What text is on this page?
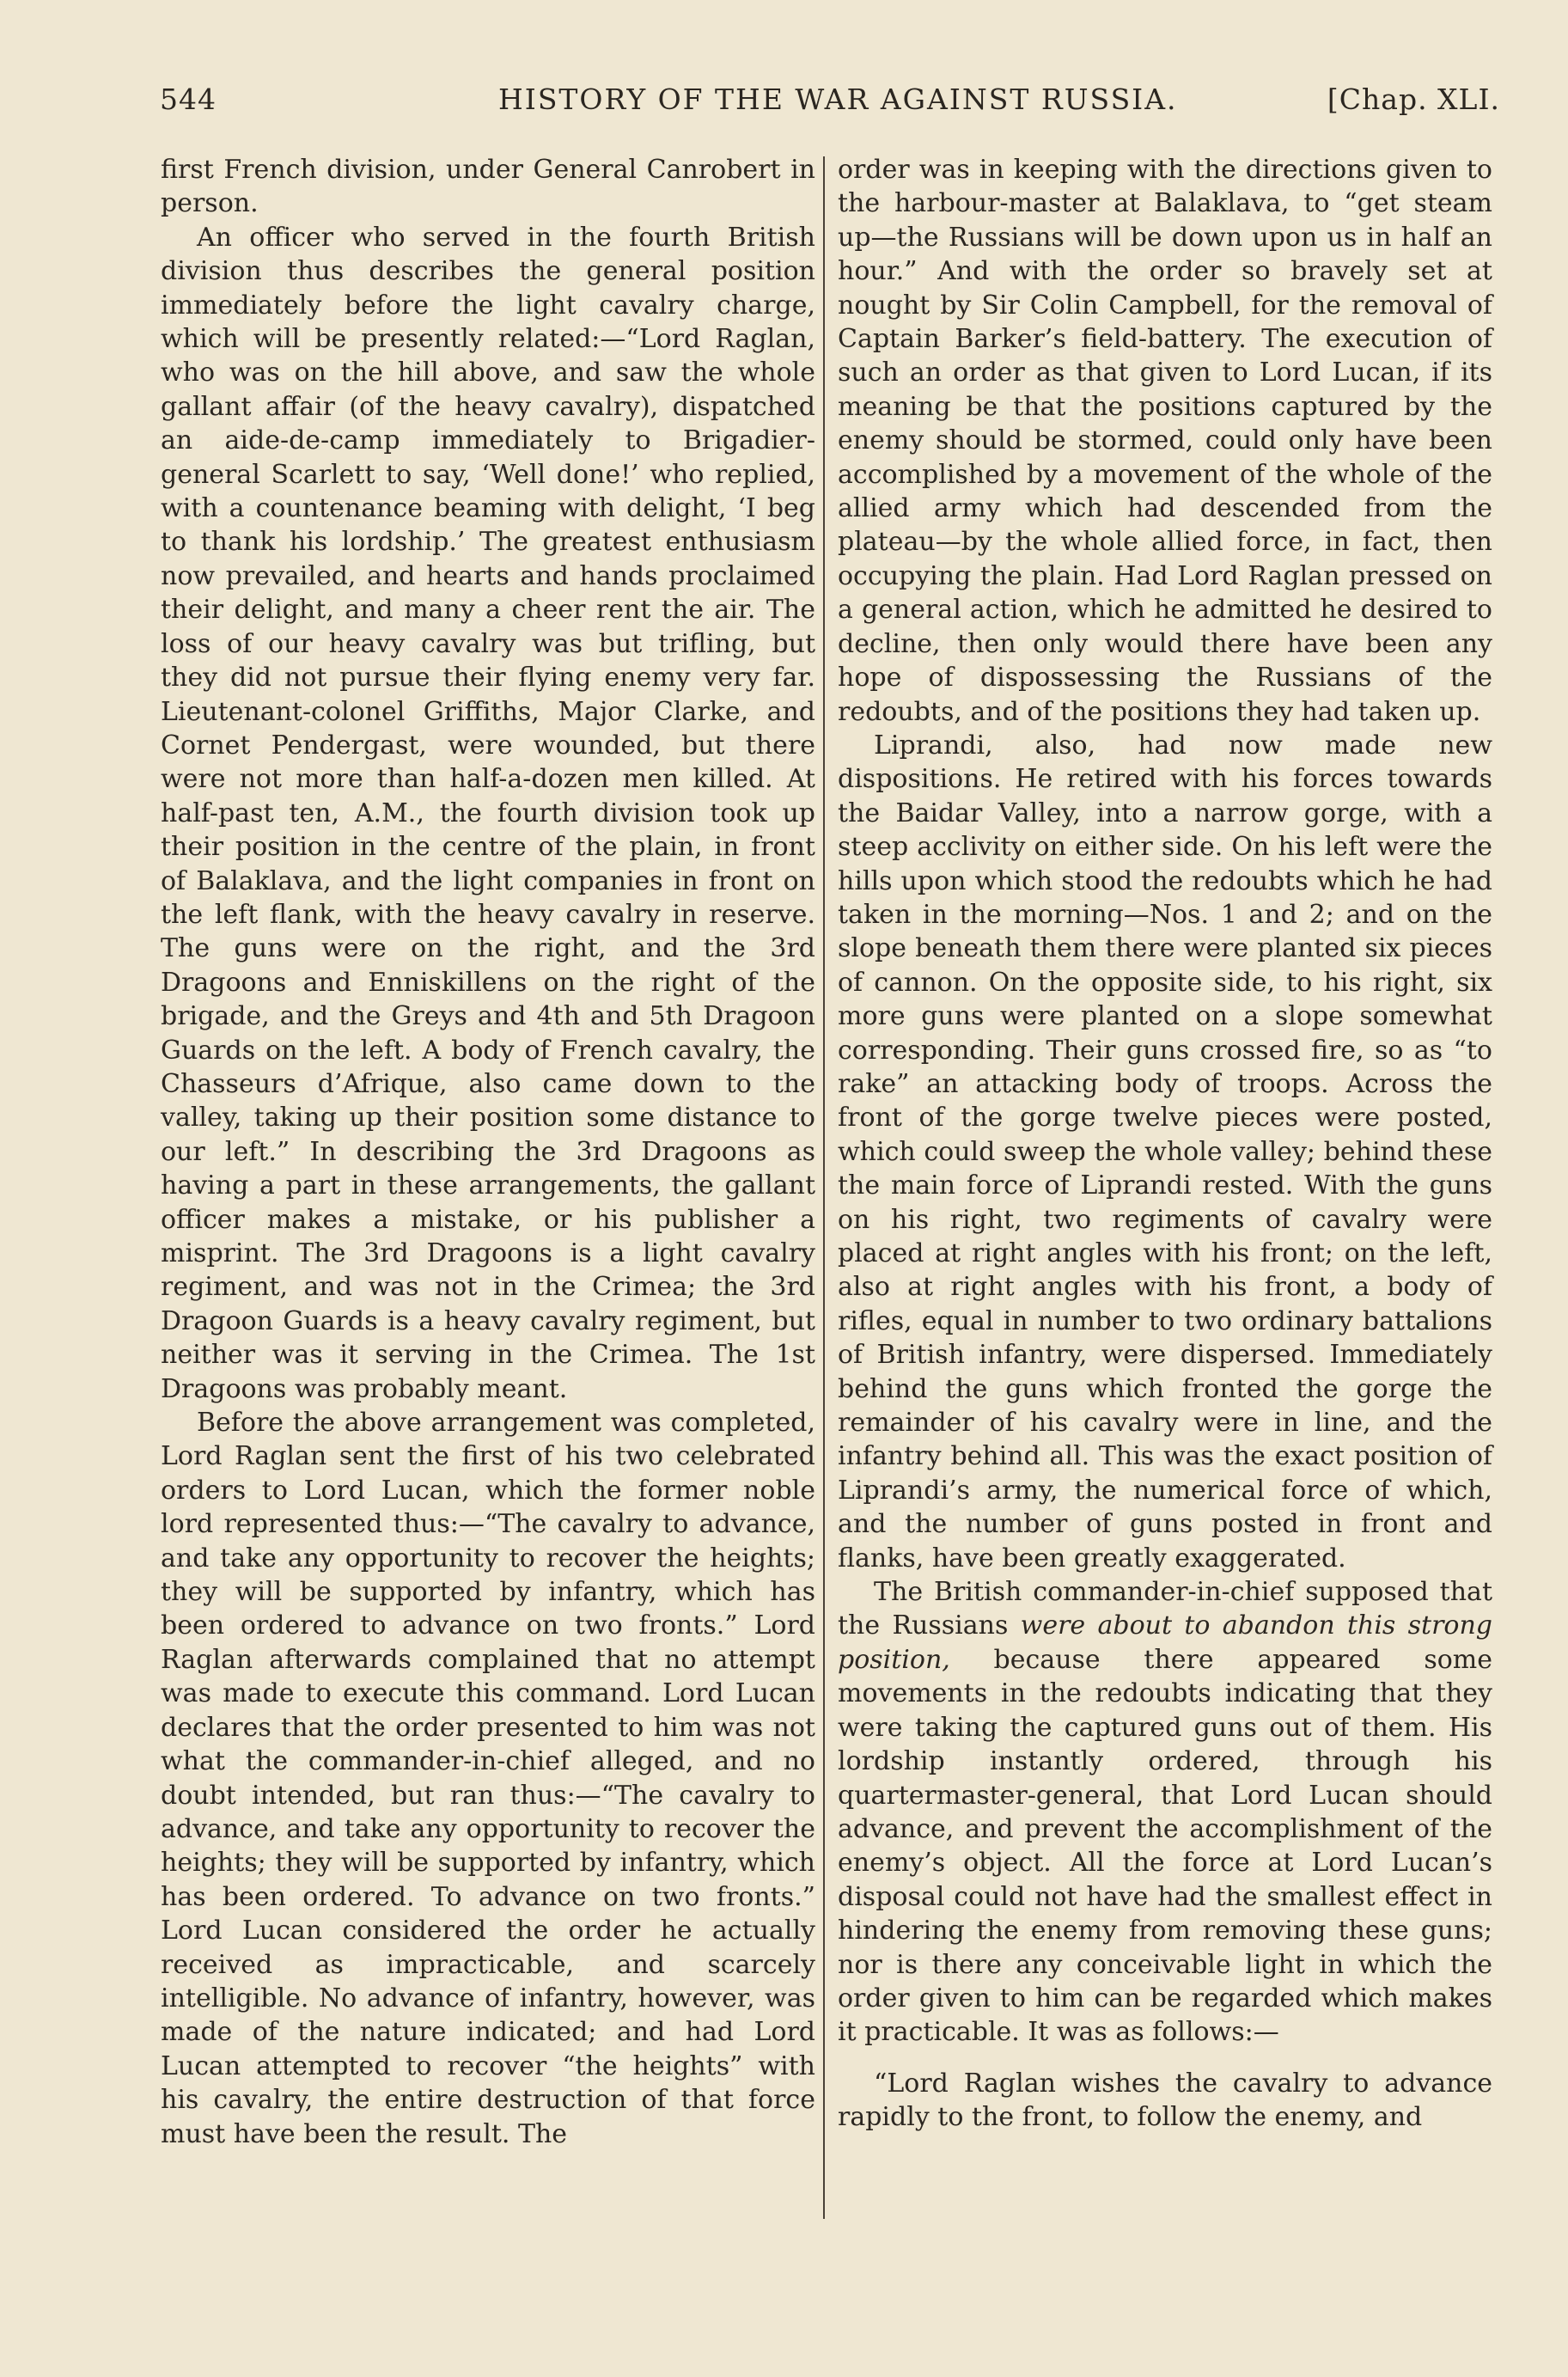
544	HISTORY OF THE WAR AGAINST RUSSIA.	[Chap. XLI.

first French division, under General Canrobert in person.

An officer who served in the fourth British division thus describes the general position immediately before the light cavalry charge, which will be presently related:—“Lord Raglan, who was on the hill above, and saw the whole gallant affair (of the heavy cavalry), dispatched an aide-de-camp immediately to Brigadier-general Scarlett to say, ‘Well done!’ who replied, with a countenance beaming with delight, ‘I beg to thank his lordship.’ The greatest enthusiasm now prevailed, and hearts and hands proclaimed their delight, and many a cheer rent the air. The loss of our heavy cavalry was but trifling, but they did not pursue their flying enemy very far. Lieutenant-colonel Griffiths, Major Clarke, and Cornet Pendergast, were wounded, but there were not more than half-a-dozen men killed. At half-past ten, A.M., the fourth division took up their position in the centre of the plain, in front of Balaklava, and the light companies in front on the left flank, with the heavy cavalry in reserve. The guns were on the right, and the 3rd Dragoons and Enniskillens on the right of the brigade, and the Greys and 4th and 5th Dragoon Guards on the left. A body of French cavalry, the Chasseurs d’Afrique, also came down to the valley, taking up their position some distance to our left.” In describing the 3rd Dragoons as having a part in these arrangements, the gallant officer makes a mistake, or his publisher a misprint. The 3rd Dragoons is a light cavalry regiment, and was not in the Crimea; the 3rd Dragoon Guards is a heavy cavalry regiment, but neither was it serving in the Crimea. The 1st Dragoons was probably meant.

Before the above arrangement was completed, Lord Raglan sent the first of his two celebrated orders to Lord Lucan, which the former noble lord represented thus:—“The cavalry to advance, and take any opportunity to recover the heights; they will be supported by infantry, which has been ordered to advance on two fronts.” Lord Raglan afterwards complained that no attempt was made to execute this command. Lord Lucan declares that the order presented to him was not what the commander-in-chief alleged, and no doubt intended, but ran thus:—“The cavalry to advance, and take any opportunity to recover the heights; they will be supported by infantry, which has been ordered. To advance on two fronts.” Lord Lucan considered the order he actually received as impracticable, and scarcely intelligible. No advance of infantry, however, was made of the nature indicated; and had Lord Lucan attempted to recover “the heights” with his cavalry, the entire destruction of that force must have been the result. The

order was in keeping with the directions given to the harbour-master at Balaklava, to “get steam up—the Russians will be down upon us in half an hour.” And with the order so bravely set at nought by Sir Colin Campbell, for the removal of Captain Barker’s field-battery. The execution of such an order as that given to Lord Lucan, if its meaning be that the positions captured by the enemy should be stormed, could only have been accomplished by a movement of the whole of the allied army which had descended from the plateau—by the whole allied force, in fact, then occupying the plain. Had Lord Raglan pressed on a general action, which he admitted he desired to decline, then only would there have been any hope of dispossessing the Russians of the redoubts, and of the positions they had taken up.

Liprandi, also, had now made new dispositions. He retired with his forces towards the Baidar Valley, into a narrow gorge, with a steep acclivity on either side. On his left were the hills upon which stood the redoubts which he had taken in the morning—Nos. 1 and 2; and on the slope beneath them there were planted six pieces of cannon. On the opposite side, to his right, six more guns were planted on a slope somewhat corresponding. Their guns crossed fire, so as “to rake” an attacking body of troops. Across the front of the gorge twelve pieces were posted, which could sweep the whole valley; behind these the main force of Liprandi rested. With the guns on his right, two regiments of cavalry were placed at right angles with his front; on the left, also at right angles with his front, a body of rifles, equal in number to two ordinary battalions of British infantry, were dispersed. Immediately behind the guns which fronted the gorge the remainder of his cavalry were in line, and the infantry behind all. This was the exact position of Liprandi’s army, the numerical force of which, and the number of guns posted in front and flanks, have been greatly exaggerated.

The British commander-in-chief supposed that the Russians were about to abandon this strong position, because there appeared some movements in the redoubts indicating that they were taking the captured guns out of them. His lordship instantly ordered, through his quartermaster-general, that Lord Lucan should advance, and prevent the accomplishment of the enemy’s object. All the force at Lord Lucan’s disposal could not have had the smallest effect in hindering the enemy from removing these guns; nor is there any conceivable light in which the order given to him can be regarded which makes it practicable. It was as follows:—

“Lord Raglan wishes the cavalry to advance rapidly to the front, to follow the enemy, and
